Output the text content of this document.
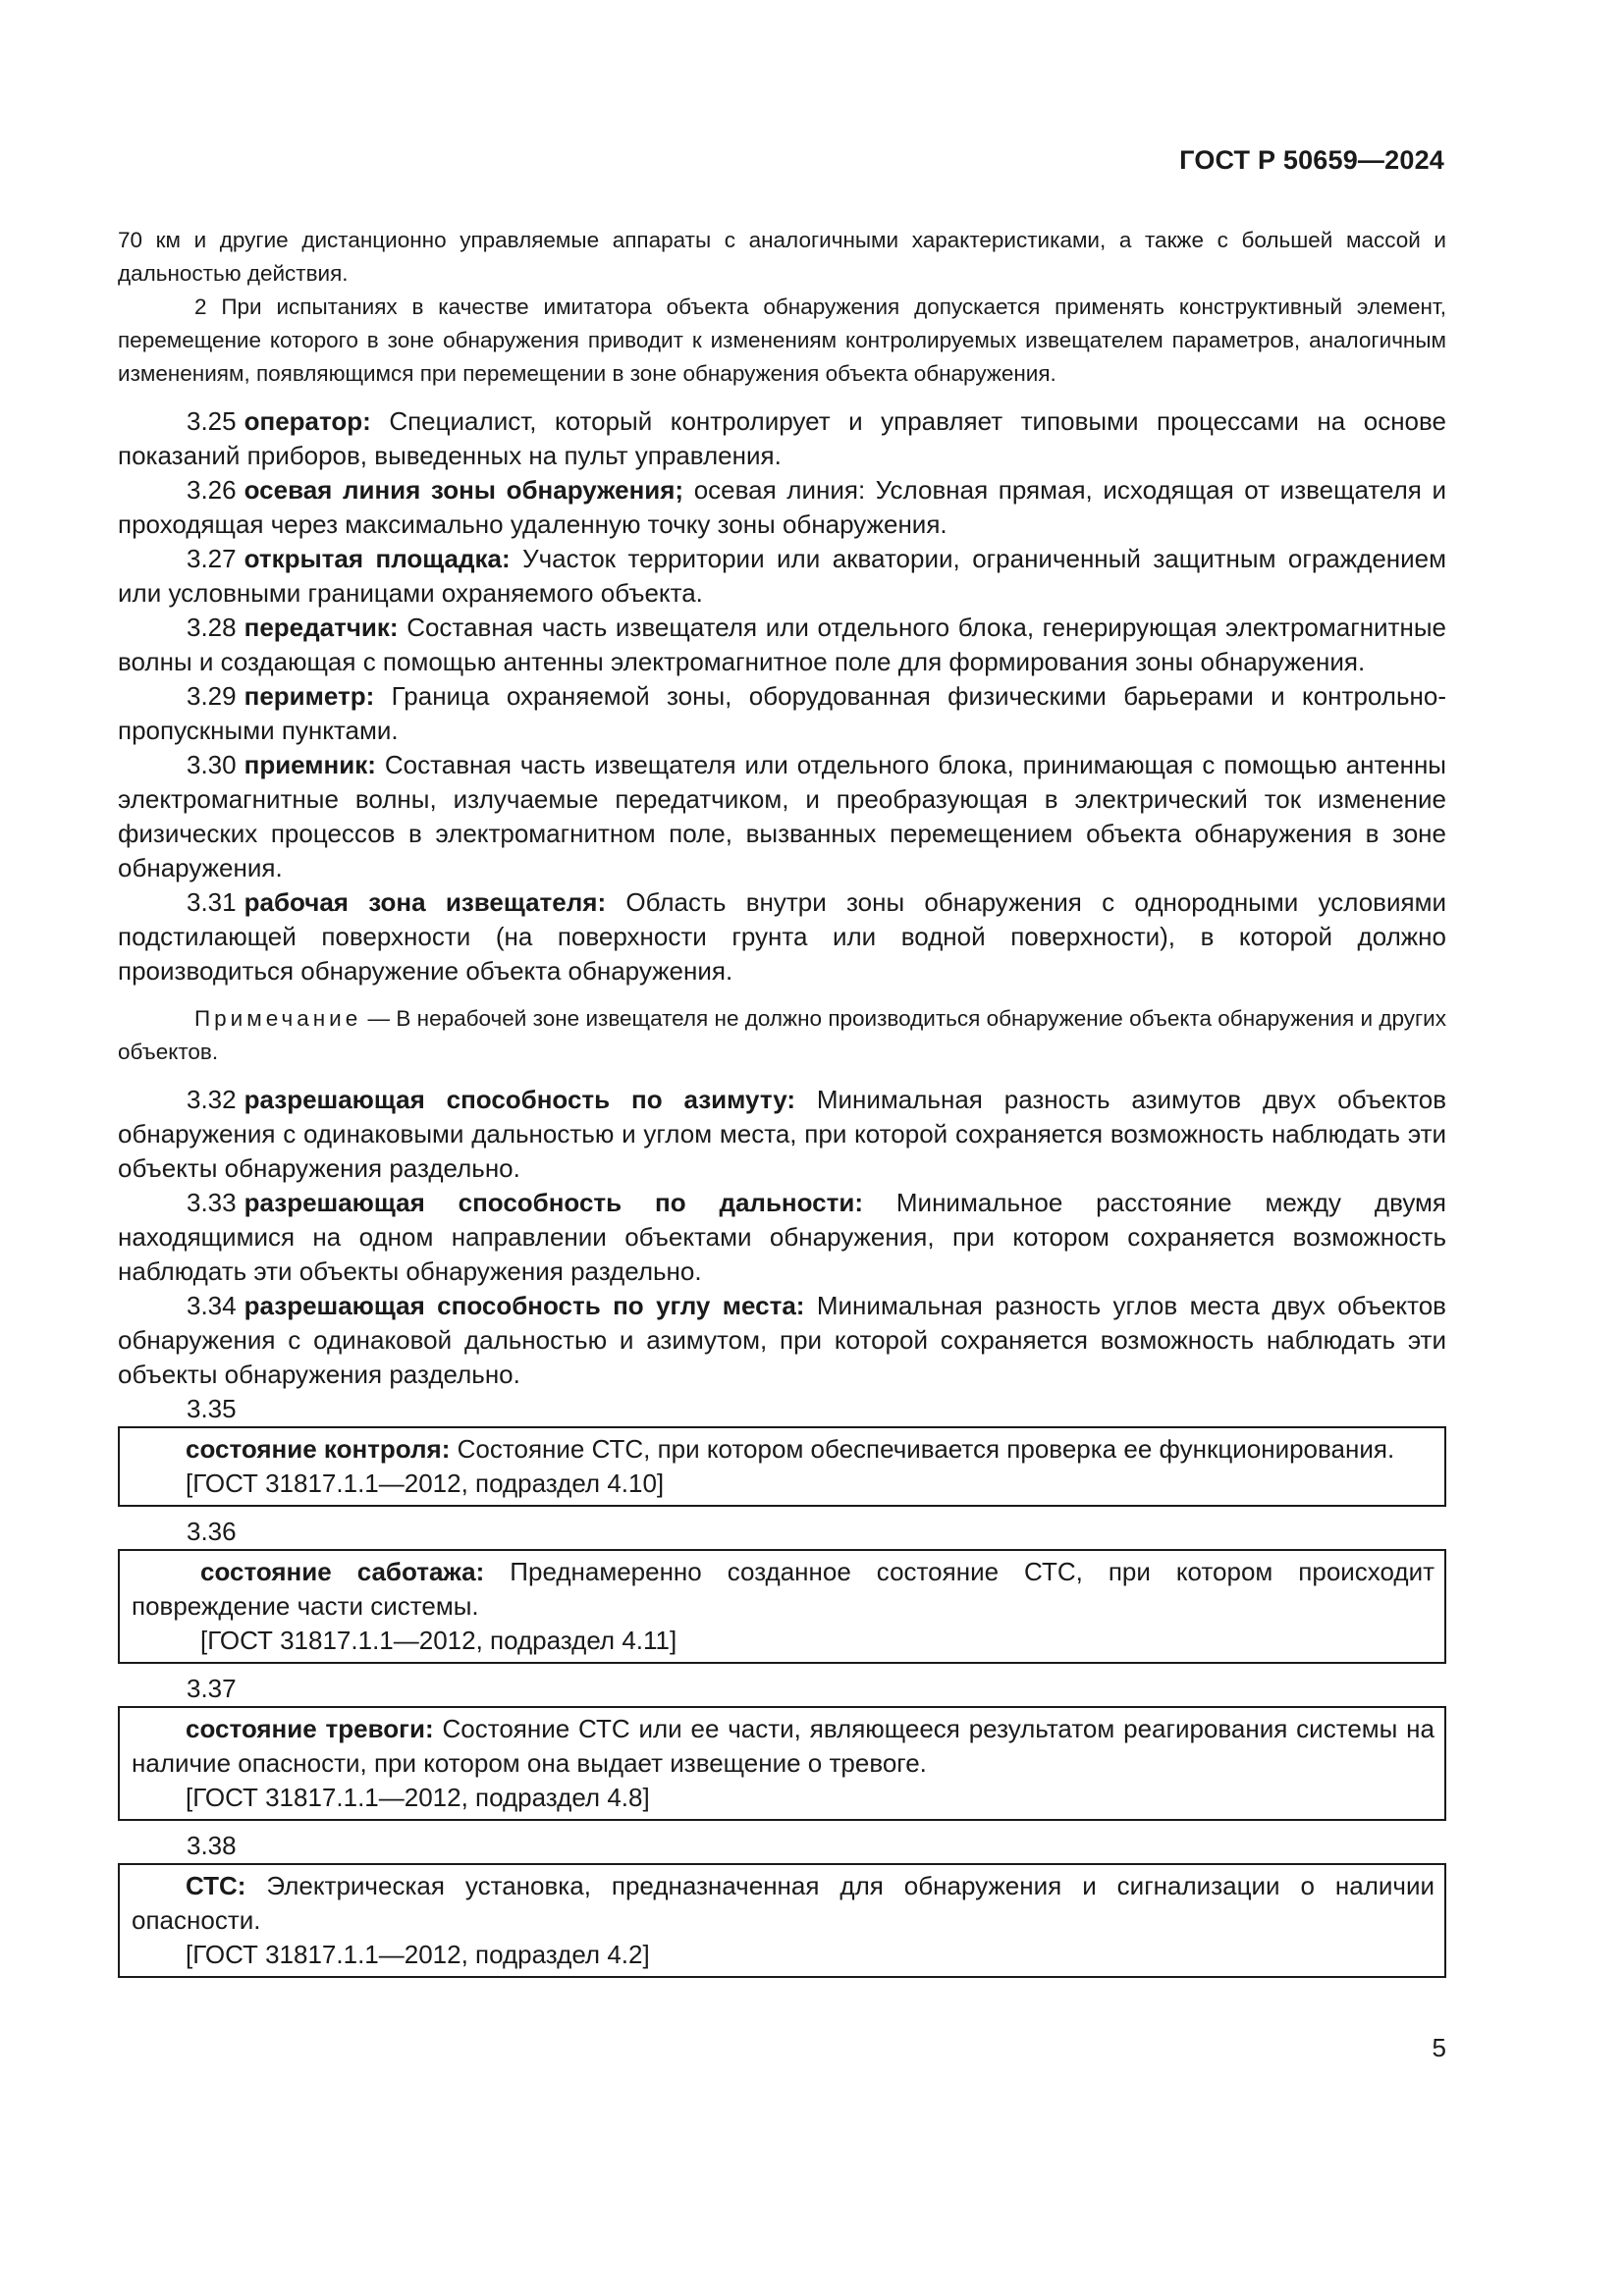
ГОСТ Р 50659—2024

70 км и другие дистанционно управляемые аппараты с аналогичными характеристиками, а также с большей массой и дальностью действия.

2 При испытаниях в качестве имитатора объекта обнаружения допускается применять конструктивный элемент, перемещение которого в зоне обнаружения приводит к изменениям контролируемых извещателем параметров, аналогичным изменениям, появляющимся при перемещении в зоне обнаружения объекта обнаружения.

3.25 оператор: Специалист, который контролирует и управляет типовыми процессами на основе показаний приборов, выведенных на пульт управления.

3.26 осевая линия зоны обнаружения; осевая линия: Условная прямая, исходящая от извещателя и проходящая через максимально удаленную точку зоны обнаружения.

3.27 открытая площадка: Участок территории или акватории, ограниченный защитным ограждением или условными границами охраняемого объекта.

3.28 передатчик: Составная часть извещателя или отдельного блока, генерирующая электромагнитные волны и создающая с помощью антенны электромагнитное поле для формирования зоны обнаружения.

3.29 периметр: Граница охраняемой зоны, оборудованная физическими барьерами и контрольно-пропускными пунктами.

3.30 приемник: Составная часть извещателя или отдельного блока, принимающая с помощью антенны электромагнитные волны, излучаемые передатчиком, и преобразующая в электрический ток изменение физических процессов в электромагнитном поле, вызванных перемещением объекта обнаружения в зоне обнаружения.

3.31 рабочая зона извещателя: Область внутри зоны обнаружения с однородными условиями подстилающей поверхности (на поверхности грунта или водной поверхности), в которой должно производиться обнаружение объекта обнаружения.

Примечание — В нерабочей зоне извещателя не должно производиться обнаружение объекта обнаружения и других объектов.

3.32 разрешающая способность по азимуту: Минимальная разность азимутов двух объектов обнаружения с одинаковыми дальностью и углом места, при которой сохраняется возможность наблюдать эти объекты обнаружения раздельно.

3.33 разрешающая способность по дальности: Минимальное расстояние между двумя находящимися на одном направлении объектами обнаружения, при котором сохраняется возможность наблюдать эти объекты обнаружения раздельно.

3.34 разрешающая способность по углу места: Минимальная разность углов места двух объектов обнаружения с одинаковой дальностью и азимутом, при которой сохраняется возможность наблюдать эти объекты обнаружения раздельно.

3.35

состояние контроля: Состояние СТС, при котором обеспечивается проверка ее функционирования.

[ГОСТ 31817.1.1—2012, подраздел 4.10]

3.36

состояние саботажа: Преднамеренно созданное состояние СТС, при котором происходит повреждение части системы.

[ГОСТ 31817.1.1—2012, подраздел 4.11]

3.37

состояние тревоги: Состояние СТС или ее части, являющееся результатом реагирования системы на наличие опасности, при котором она выдает извещение о тревоге.

[ГОСТ 31817.1.1—2012, подраздел 4.8]

3.38

СТС: Электрическая установка, предназначенная для обнаружения и сигнализации о наличии опасности.

[ГОСТ 31817.1.1—2012, подраздел 4.2]

5
